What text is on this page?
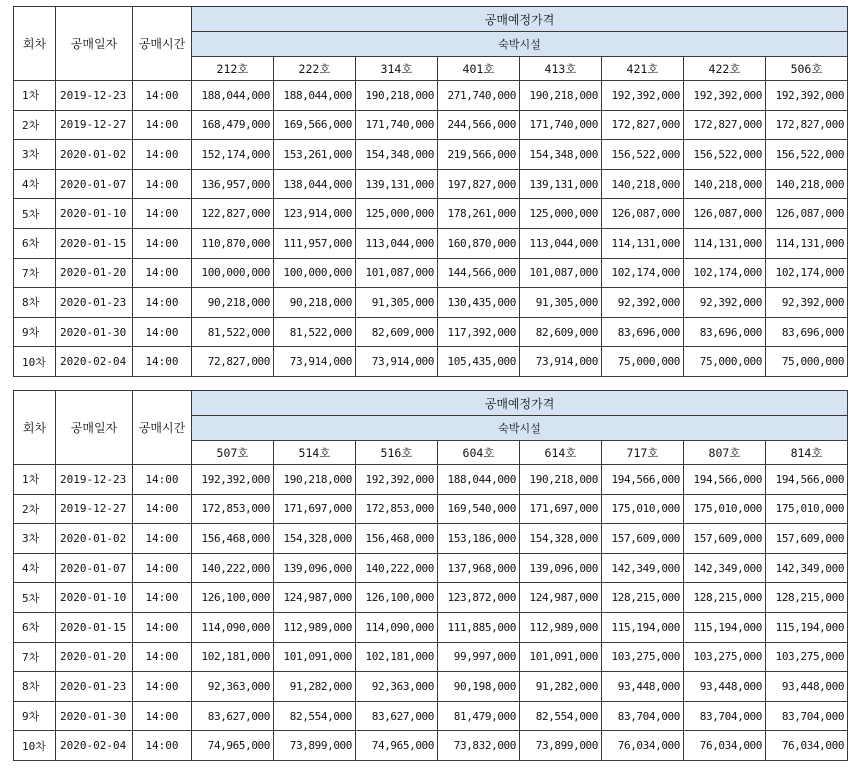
회차	공매일자	공매시간	공매예정가격							
			숙박시설							
			212호	222호	314호	401호	413호	421호	422호	506호
1차	2019-12-23	14:00	188,044,000	188,044,000	190,218,000	271,740,000	190,218,000	192,392,000	192,392,000	192,392,000
2차	2019-12-27	14:00	168,479,000	169,566,000	171,740,000	244,566,000	171,740,000	172,827,000	172,827,000	172,827,000
3차	2020-01-02	14:00	152,174,000	153,261,000	154,348,000	219,566,000	154,348,000	156,522,000	156,522,000	156,522,000
4차	2020-01-07	14:00	136,957,000	138,044,000	139,131,000	197,827,000	139,131,000	140,218,000	140,218,000	140,218,000
5차	2020-01-10	14:00	122,827,000	123,914,000	125,000,000	178,261,000	125,000,000	126,087,000	126,087,000	126,087,000
6차	2020-01-15	14:00	110,870,000	111,957,000	113,044,000	160,870,000	113,044,000	114,131,000	114,131,000	114,131,000
7차	2020-01-20	14:00	100,000,000	100,000,000	101,087,000	144,566,000	101,087,000	102,174,000	102,174,000	102,174,000
8차	2020-01-23	14:00	90,218,000	90,218,000	91,305,000	130,435,000	91,305,000	92,392,000	92,392,000	92,392,000
9차	2020-01-30	14:00	81,522,000	81,522,000	82,609,000	117,392,000	82,609,000	83,696,000	83,696,000	83,696,000
10차	2020-02-04	14:00	72,827,000	73,914,000	73,914,000	105,435,000	73,914,000	75,000,000	75,000,000	75,000,000
회차	공매일자	공매시간	공매예정가격							
			숙박시설							
			507호	514호	516호	604호	614호	717호	807호	814호
1차	2019-12-23	14:00	192,392,000	190,218,000	192,392,000	188,044,000	190,218,000	194,566,000	194,566,000	194,566,000
2차	2019-12-27	14:00	172,853,000	171,697,000	172,853,000	169,540,000	171,697,000	175,010,000	175,010,000	175,010,000
3차	2020-01-02	14:00	156,468,000	154,328,000	156,468,000	153,186,000	154,328,000	157,609,000	157,609,000	157,609,000
4차	2020-01-07	14:00	140,222,000	139,096,000	140,222,000	137,968,000	139,096,000	142,349,000	142,349,000	142,349,000
5차	2020-01-10	14:00	126,100,000	124,987,000	126,100,000	123,872,000	124,987,000	128,215,000	128,215,000	128,215,000
6차	2020-01-15	14:00	114,090,000	112,989,000	114,090,000	111,885,000	112,989,000	115,194,000	115,194,000	115,194,000
7차	2020-01-20	14:00	102,181,000	101,091,000	102,181,000	99,997,000	101,091,000	103,275,000	103,275,000	103,275,000
8차	2020-01-23	14:00	92,363,000	91,282,000	92,363,000	90,198,000	91,282,000	93,448,000	93,448,000	93,448,000
9차	2020-01-30	14:00	83,627,000	82,554,000	83,627,000	81,479,000	82,554,000	83,704,000	83,704,000	83,704,000
10차	2020-02-04	14:00	74,965,000	73,899,000	74,965,000	73,832,000	73,899,000	76,034,000	76,034,000	76,034,000
